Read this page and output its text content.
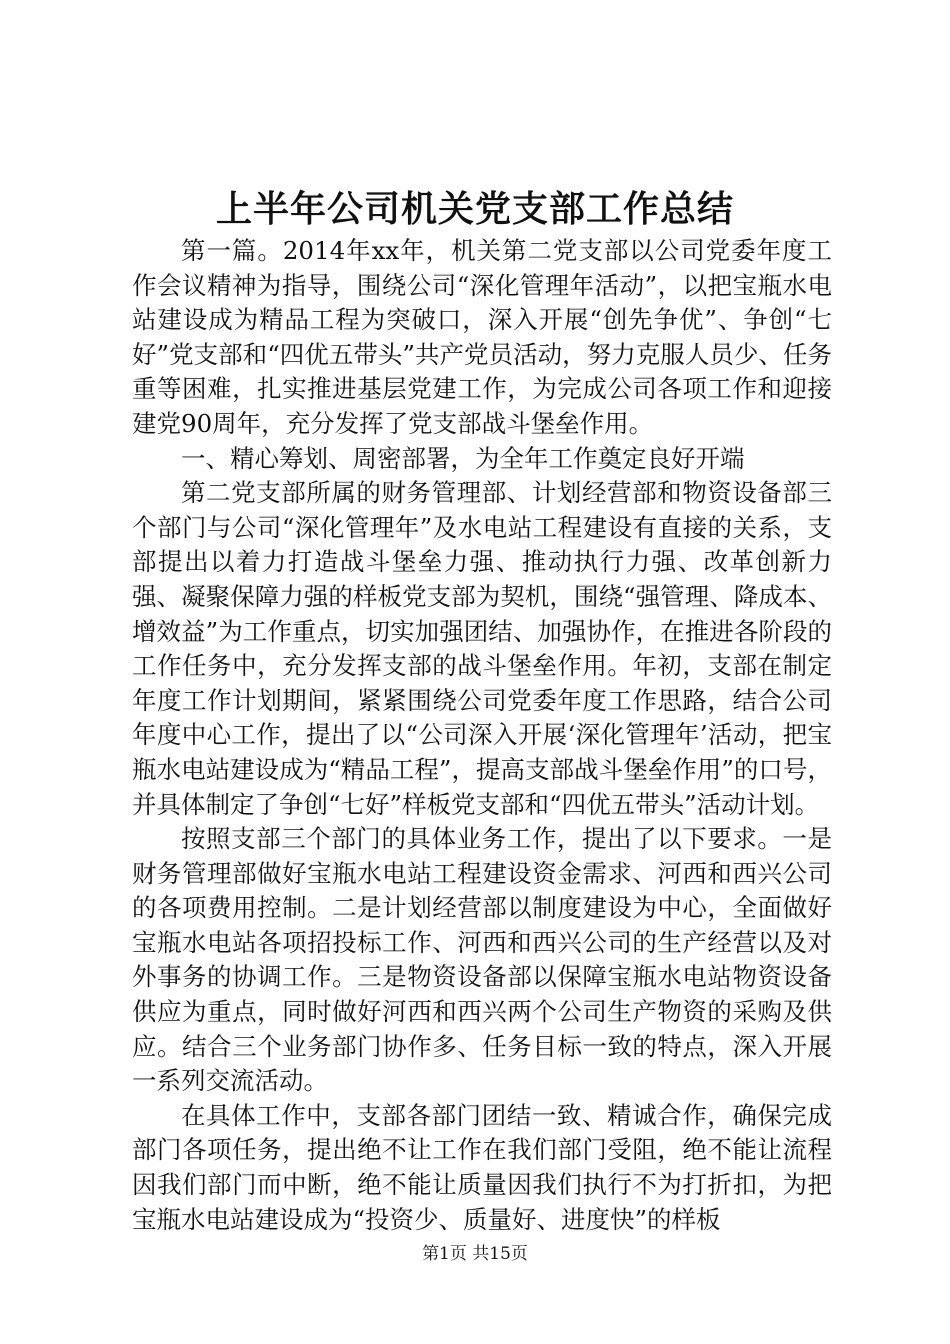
上半年公司机关党支部工作总结

第一篇。2014年xx年，机关第二党支部以公司党委年度工作会议精神为指导，围绕公司“深化管理年活动”，以把宝瓶水电站建设成为精品工程为突破口，深入开展“创先争优”、争创“七好”党支部和“四优五带头”共产党员活动，努力克服人员少、任务重等困难，扎实推进基层党建工作，为完成公司各项工作和迎接建党90周年，充分发挥了党支部战斗堡垒作用。

一、精心筹划、周密部署，为全年工作奠定良好开端

第二党支部所属的财务管理部、计划经营部和物资设备部三个部门与公司“深化管理年”及水电站工程建设有直接的关系，支部提出以着力打造战斗堡垒力强、推动执行力强、改革创新力强、凝聚保障力强的样板党支部为契机，围绕“强管理、降成本、增效益”为工作重点，切实加强团结、加强协作，在推进各阶段的工作任务中，充分发挥支部的战斗堡垒作用。年初，支部在制定年度工作计划期间，紧紧围绕公司党委年度工作思路，结合公司年度中心工作，提出了以“公司深入开展‘深化管理年’活动，把宝瓶水电站建设成为“精品工程”，提高支部战斗堡垒作用”的口号，并具体制定了争创“七好”样板党支部和“四优五带头”活动计划。

按照支部三个部门的具体业务工作，提出了以下要求。一是财务管理部做好宝瓶水电站工程建设资金需求、河西和西兴公司的各项费用控制。二是计划经营部以制度建设为中心，全面做好宝瓶水电站各项招投标工作、河西和西兴公司的生产经营以及对外事务的协调工作。三是物资设备部以保障宝瓶水电站物资设备供应为重点，同时做好河西和西兴两个公司生产物资的采购及供应。结合三个业务部门协作多、任务目标一致的特点，深入开展一系列交流活动。

在具体工作中，支部各部门团结一致、精诚合作，确保完成部门各项任务，提出绝不让工作在我们部门受阻，绝不能让流程因我们部门而中断，绝不能让质量因我们执行不为打折扣，为把宝瓶水电站建设成为“投资少、质量好、进度快”的样板

第1页 共15页
